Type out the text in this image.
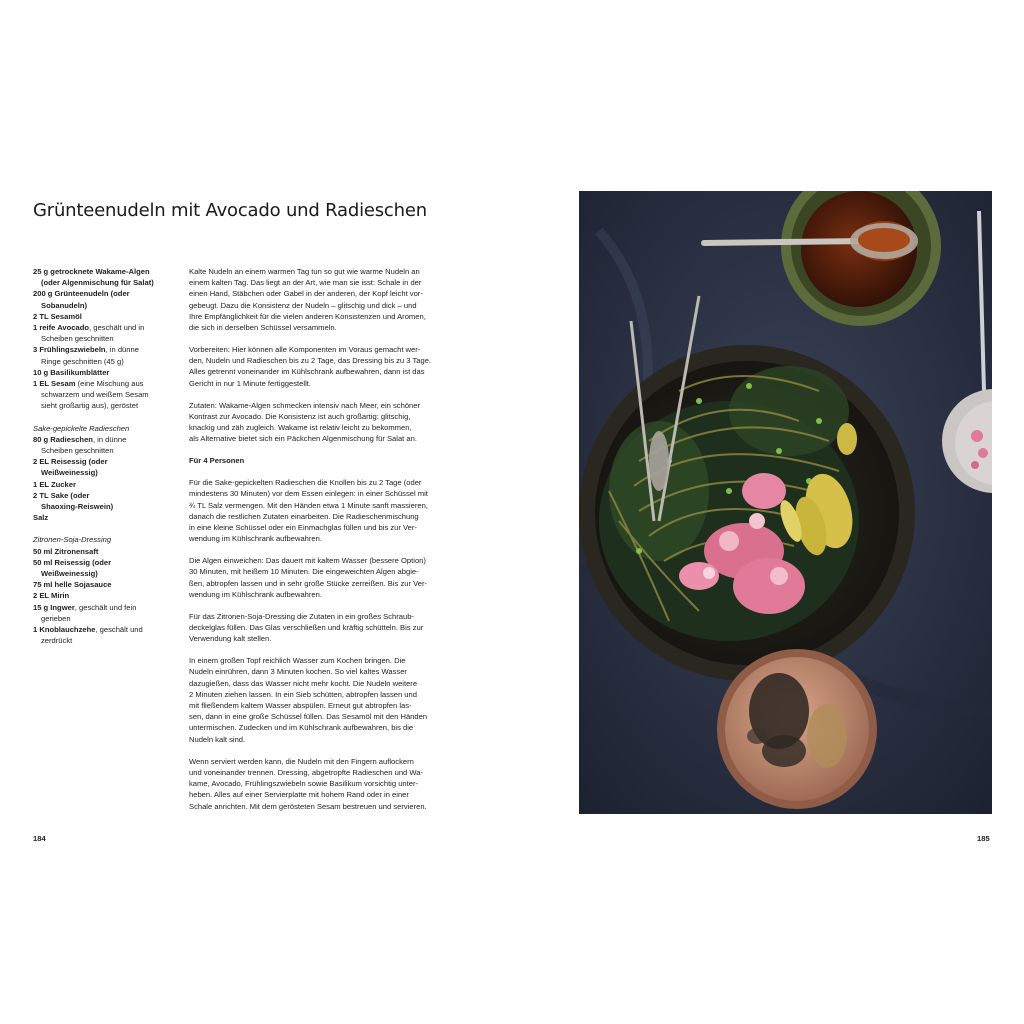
Grünteenudeln mit Avocado und Radieschen
25 g getrocknete Wakame-Algen
(oder Algenmischung für Salat)
200 g Grünteenudeln (oder
Sobanudeln)
2 TL Sesamöl
1 reife Avocado, geschält und in
Scheiben geschnitten
3 Frühlingszwiebeln, in dünne
Ringe geschnitten (45 g)
10 g Basilikumblätter
1 EL Sesam (eine Mischung aus
schwarzem und weißem Sesam
sieht großartig aus), geröstet
Sake-gepickelte Radieschen
80 g Radieschen, in dünne
Scheiben geschnitten
2 EL Reisessig (oder
Weißweinessig)
1 EL Zucker
2 TL Sake (oder
Shaoxing-Reiswein)
Salz
Zitronen-Soja-Dressing
50 ml Zitronensaft
50 ml Reisessig (oder
Weißweinessig)
75 ml helle Sojasauce
2 EL Mirin
15 g Ingwer, geschält und fein
gerieben
1 Knoblauchzehe, geschält und
zerdrückt

Kalte Nudeln an einem warmen Tag tun so gut wie warme Nudeln an
einem kalten Tag. Das liegt an der Art, wie man sie isst: Schale in der
einen Hand, Stäbchen oder Gabel in der anderen, der Kopf leicht vor-
gebeugt. Dazu die Konsistenz der Nudeln – glitschig und dick – und
Ihre Empfänglichkeit für die vielen anderen Konsistenzen und Aromen,
die sich in derselben Schüssel versammeln.

Vorbereiten: Hier können alle Komponenten im Voraus gemacht wer-
den, Nudeln und Radieschen bis zu 2 Tage, das Dressing bis zu 3 Tage.
Alles getrennt voneinander im Kühlschrank aufbewahren, dann ist das
Gericht in nur 1 Minute fertiggestellt.

Zutaten: Wakame-Algen schmecken intensiv nach Meer, ein schöner
Kontrast zur Avocado. Die Konsistenz ist auch großartig: glitschig,
knackig und zäh zugleich. Wakame ist relativ leicht zu bekommen,
als Alternative bietet sich ein Päckchen Algenmischung für Salat an.

Für 4 Personen

Für die Sake-gepickelten Radieschen die Knollen bis zu 2 Tage (oder
mindestens 30 Minuten) vor dem Essen einlegen: in einer Schüssel mit
¾ TL Salz vermengen. Mit den Händen etwa 1 Minute sanft massieren,
danach die restlichen Zutaten einarbeiten. Die Radieschenmischung
in eine kleine Schüssel oder ein Einmachglas füllen und bis zur Ver-
wendung im Kühlschrank aufbewahren.

Die Algen einweichen: Das dauert mit kaltem Wasser (bessere Option)
30 Minuten, mit heißem 10 Minuten. Die eingeweichten Algen abgie-
ßen, abtropfen lassen und in sehr große Stücke zerreißen. Bis zur Ver-
wendung im Kühlschrank aufbewahren.

Für das Zitronen-Soja-Dressing die Zutaten in ein großes Schraub-
deckelglas füllen. Das Glas verschließen und kräftig schütteln. Bis zur
Verwendung kalt stellen.

In einem großen Topf reichlich Wasser zum Kochen bringen. Die
Nudeln einrühren, dann 3 Minuten kochen. So viel kaltes Wasser
dazugießen, dass das Wasser nicht mehr kocht. Die Nudeln weitere
2 Minuten ziehen lassen. In ein Sieb schütten, abtropfen lassen und
mit fließendem kaltem Wasser abspülen. Erneut gut abtropfen las-
sen, dann in eine große Schüssel füllen. Das Sesamöl mit den Händen
untermischen. Zudecken und im Kühlschrank aufbewahren, bis die
Nudeln kalt sind.

Wenn serviert werden kann, die Nudeln mit den Fingern auflockern
und voneinander trennen. Dressing, abgetropfte Radieschen und Wa-
kame, Avocado, Frühlingszwiebeln sowie Basilikum vorsichtig unter-
heben. Alles auf einer Servierplatte mit hohem Rand oder in einer
Schale anrichten. Mit dem gerösteten Sesam bestreuen und servieren.

184	185
